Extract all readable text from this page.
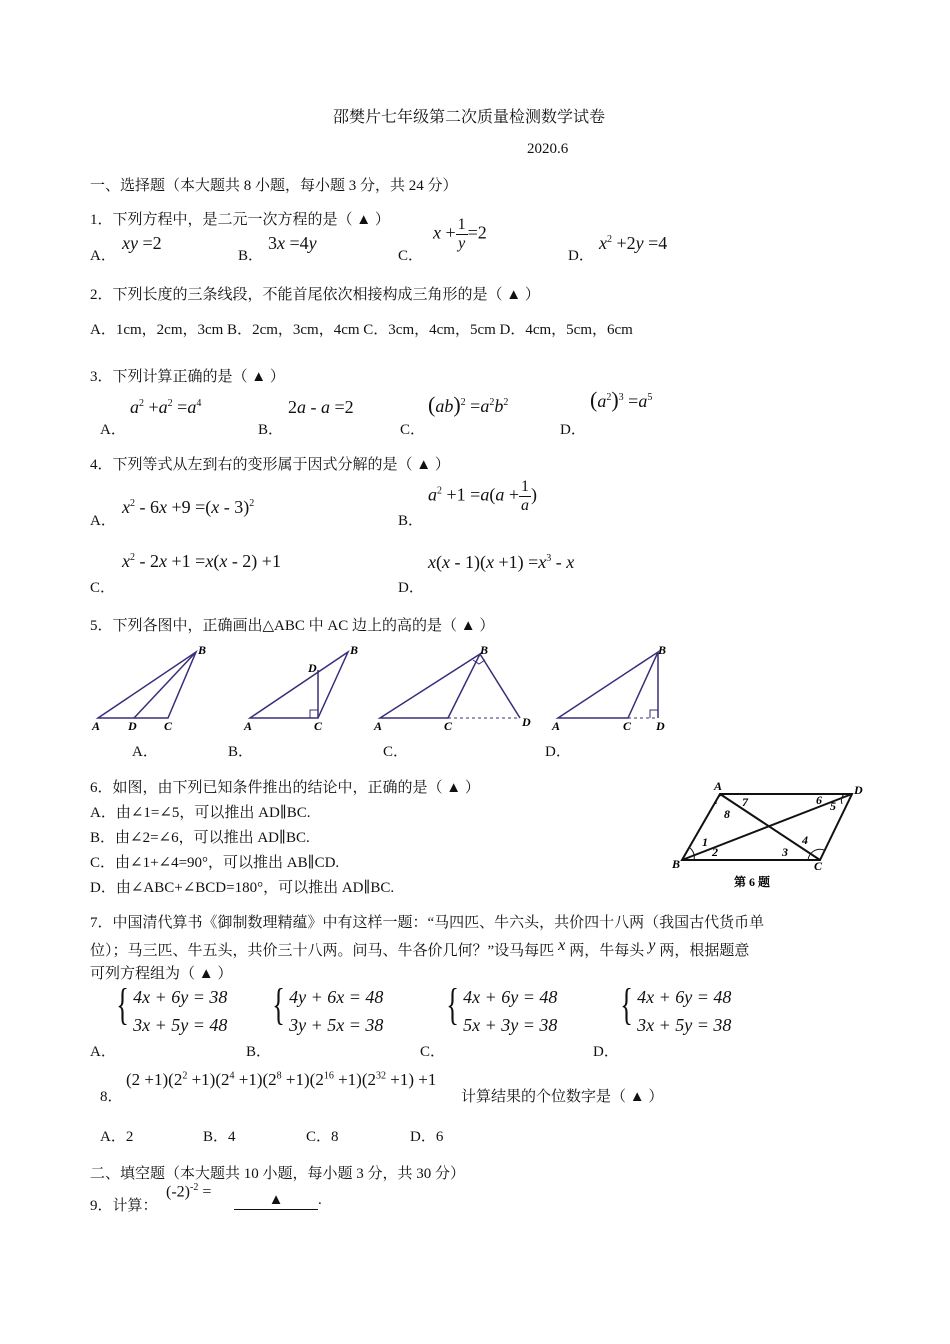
邵樊片七年级第二次质量检测数学试卷
2020.6
一、选择题（本大题共 8 小题，每小题 3 分，共 24 分）
1．下列方程中，是二元一次方程的是（ ▲ ）
A．
xy =2
B．
3x =4y
C．
$x + \frac{1}{y} =2$
D．
$x^2 +2y =4$
2．下列长度的三条线段，不能首尾依次相接构成三角形的是（ ▲ ）
A．1cm，2cm，3cm B．2cm，3cm，4cm C．3cm，4cm，5cm D．4cm，5cm，6cm
3．下列计算正确的是（ ▲ ）
$a^2 +a^2 =a^4$
A．
2a - a =2
B．
$(ab)^2 =a^2b^2$
C．
$(a^2)^3 =a^5$
D．
4．下列等式从左到右的变形属于因式分解的是（ ▲ ）
A．
$x^2 - 6x +9 =(x - 3)^2$
B．
$a^2 +1 =a(a + \frac{1}{a}$ )
C．
$x^2 - 2x +1 =x(x - 2) +1$
D．
$x(x - 1)(x +1) =x^3 - x$
5．下列各图中，正确画出△ABC 中 AC 边上的高的是（ ▲ ）
A D C
B
A	C
D
B
A	C	D
B
A	C D
B
A．	B．	C．	D．
6．如图，由下列已知条件推出的结论中，正确的是（ ▲ ）
A．由∠1=∠5，可以推出 AD∥BC.
B．由∠2=∠6，可以推出 AD∥BC.
C．由∠1+∠4=90°，可以推出 AB∥CD.
D．由∠ABC+∠BCD=180°，可以推出 AD∥BC.
A	D
B	C
7
8
6 5
1
2	3
4
第 6 题
7．中国清代算书《御制数理精蕴》中有这样一题：“马四匹、牛六头，共价四十八两（我国古代货币单
位）；马三匹、牛五头，共价三十八两。问马、牛各价几何？”设马每匹 x 两，牛每头 y 两，根据题意
可列方程组为（ ▲ ）
{ 4x + 6y = 38
3x + 5y = 48
A．
{ 4y + 6x = 48
3y + 5x = 38
B．
{ 4x + 6y = 48
5x + 3y = 38
C．
{ 4x + 6y = 48
3x + 5y = 38
D．
8．
$(2 +1)(2^2 +1)(2^4 +1)(2^8 +1)(2^{16} +1)(2^{32} +1) +1$
计算结果的个位数字是（ ▲ ）
A．2	B．4	C．8	D．6
二、填空题（本大题共 10 小题，每小题 3 分，共 30 分）
9．计算：
$(-2)^{-2}$ =	▲ .
